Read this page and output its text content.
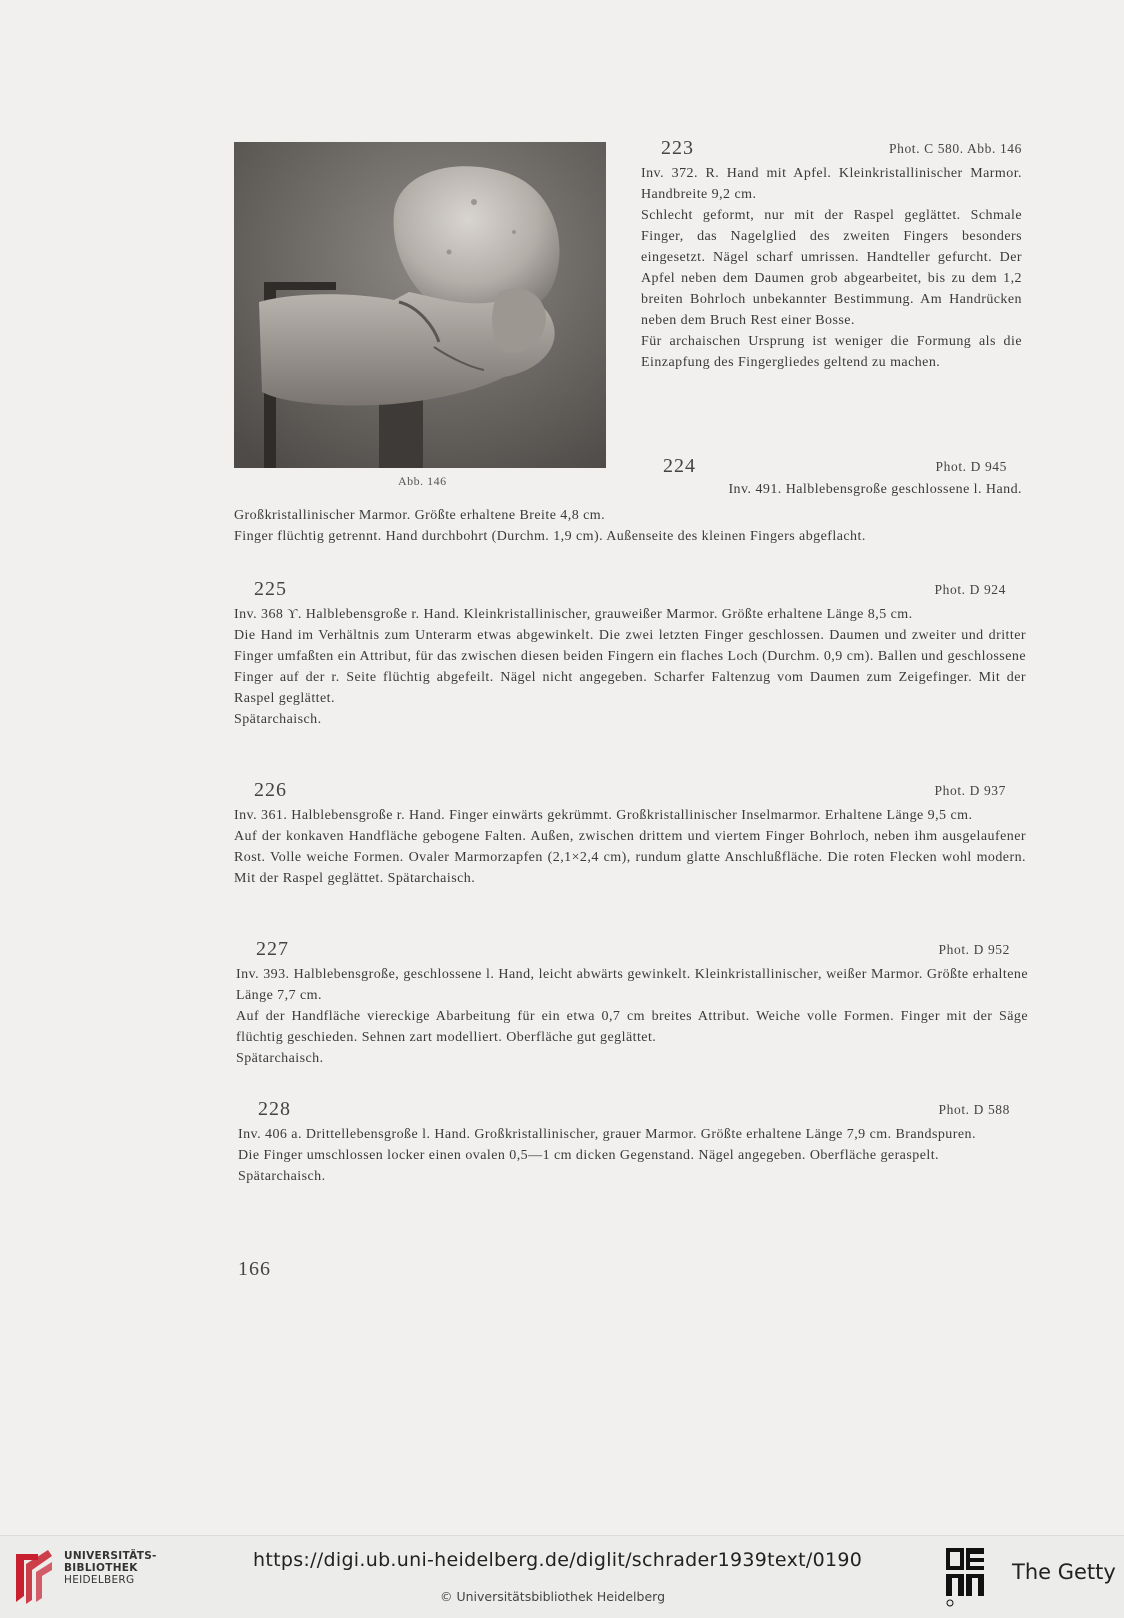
Abb. 146
223	Phot. C 580. Abb. 146

Inv. 372. R. Hand mit Apfel. Kleinkristallinischer Marmor. Handbreite 9,2 cm.

Schlecht geformt, nur mit der Raspel geglättet. Schmale Finger, das Nagelglied des zweiten Fingers besonders eingesetzt. Nägel scharf umrissen. Handteller gefurcht. Der Apfel neben dem Daumen grob abgearbeitet, bis zu dem 1,2 breiten Bohrloch unbekannter Bestimmung. Am Handrücken neben dem Bruch Rest einer Bosse.

Für archaischen Ursprung ist weniger die Formung als die Einzapfung des Fingergliedes geltend zu machen.

224	Phot. D 945

Inv. 491. Halblebensgroße geschlossene l. Hand.

Großkristallinischer Marmor. Größte erhaltene Breite 4,8 cm.

Finger flüchtig getrennt. Hand durchbohrt (Durchm. 1,9 cm). Außenseite des kleinen Fingers abgeflacht.

225	Phot. D 924

Inv. 368 ϒ. Halblebensgroße r. Hand. Kleinkristallinischer, grauweißer Marmor. Größte erhaltene Länge 8,5 cm.

Die Hand im Verhältnis zum Unterarm etwas abgewinkelt. Die zwei letzten Finger geschlossen. Daumen und zweiter und dritter Finger umfaßten ein Attribut, für das zwischen diesen beiden Fingern ein flaches Loch (Durchm. 0,9 cm). Ballen und geschlossene Finger auf der r. Seite flüchtig abgefeilt. Nägel nicht angegeben. Scharfer Faltenzug vom Daumen zum Zeigefinger. Mit der Raspel geglättet.

Spätarchaisch.

226	Phot. D 937

Inv. 361. Halblebensgroße r. Hand. Finger einwärts gekrümmt. Großkristallinischer Inselmarmor. Erhaltene Länge 9,5 cm.

Auf der konkaven Handfläche gebogene Falten. Außen, zwischen drittem und viertem Finger Bohrloch, neben ihm ausgelaufener Rost. Volle weiche Formen. Ovaler Marmorzapfen (2,1×2,4 cm), rundum glatte Anschlußfläche. Die roten Flecken wohl modern. Mit der Raspel geglättet. Spätarchaisch.

227	Phot. D 952

Inv. 393. Halblebensgroße, geschlossene l. Hand, leicht abwärts gewinkelt. Kleinkristallinischer, weißer Marmor. Größte erhaltene Länge 7,7 cm.

Auf der Handfläche viereckige Abarbeitung für ein etwa 0,7 cm breites Attribut. Weiche volle Formen. Finger mit der Säge flüchtig geschieden. Sehnen zart modelliert. Oberfläche gut geglättet.

Spätarchaisch.

228	Phot. D 588

Inv. 406 a. Drittellebensgroße l. Hand. Großkristallinischer, grauer Marmor. Größte erhaltene Länge 7,9 cm. Brandspuren.

Die Finger umschlossen locker einen ovalen 0,5—1 cm dicken Gegenstand. Nägel angegeben. Oberfläche geraspelt.

Spätarchaisch.

166
UNIVERSITÄTS-
BIBLIOTHEK
HEIDELBERG
https://digi.ub.uni-heidelberg.de/diglit/schrader1939text/0190
© Universitätsbibliothek Heidelberg
The Getty
